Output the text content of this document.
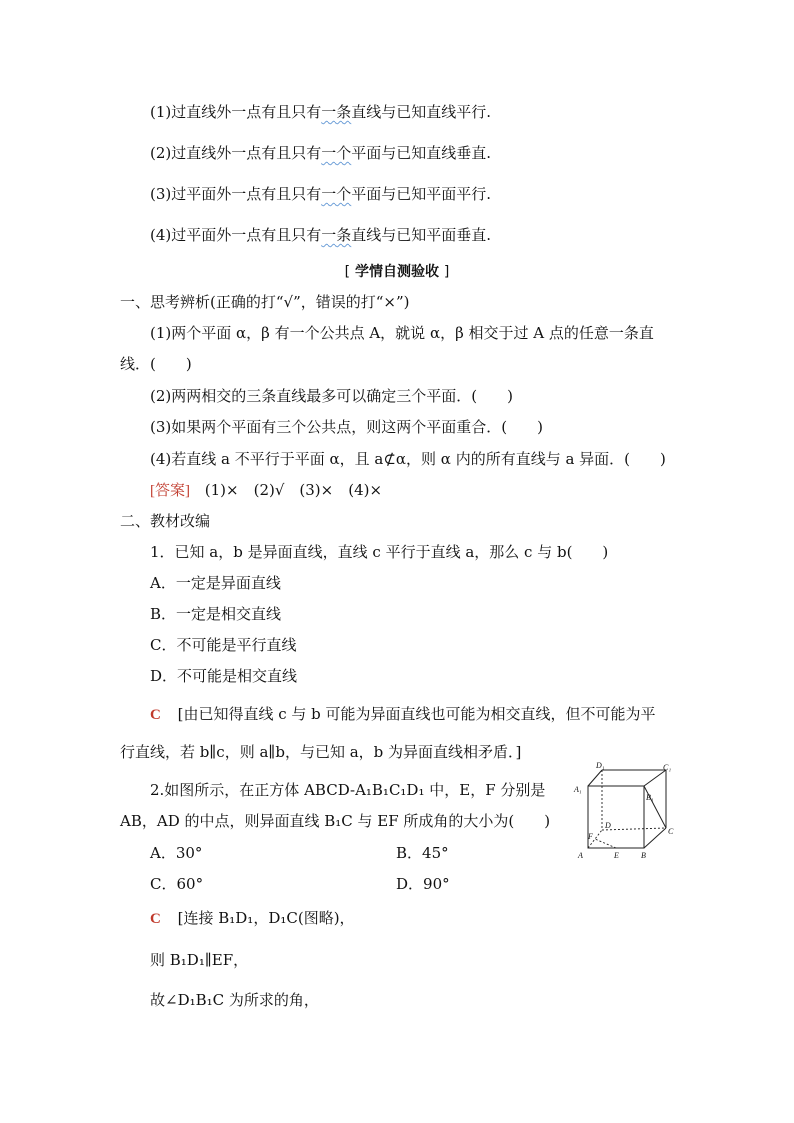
(1)过直线外一点有且只有一条直线与已知直线平行.
(2)过直线外一点有且只有一个平面与已知直线垂直.
(3)过平面外一点有且只有一个平面与已知平面平行.
(4)过平面外一点有且只有一条直线与已知平面垂直.
[ 学情自测验收 ]
一、思考辨析(正确的打“√”，错误的打“×”)
(1)两个平面 α，β 有一个公共点 A，就说 α，β 相交于过 A 点的任意一条直
线．(　　)
(2)两两相交的三条直线最多可以确定三个平面．(　　)
(3)如果两个平面有三个公共点，则这两个平面重合．(　　)
(4)若直线 a 不平行于平面 α，且 a⊄α，则 α 内的所有直线与 a 异面．(　　)
[答案] (1)×　(2)√　(3)×　(4)×
二、教材改编
1．已知 a，b 是异面直线，直线 c 平行于直线 a，那么 c 与 b(　　)
A．一定是异面直线
B．一定是相交直线
C．不可能是平行直线
D．不可能是相交直线
C [由已知得直线 c 与 b 可能为异面直线也可能为相交直线，但不可能为平
行直线，若 b∥c，则 a∥b，与已知 a，b 为异面直线相矛盾．]
2.如图所示，在正方体 ABCD-A₁B₁C₁D₁ 中，E，F 分别是
AB，AD 的中点，则异面直线 B₁C 与 EF 所成角的大小为(　　)
A．30°	B．45°
C．60°	D．90°
C [连接 B₁D₁，D₁C(图略)，
则 B₁D₁∥EF，
故∠D₁B₁C 为所求的角，
D₁	C₁
A₁
B₁
D
C
F
A	E	B
